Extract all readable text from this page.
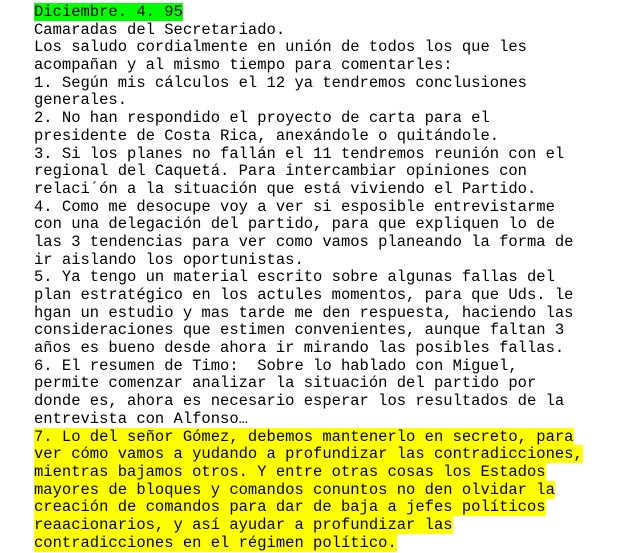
Diciembre. 4. 95
Camaradas del Secretariado.
Los saludo cordialmente en unión de todos los que les
acompañan y al mismo tiempo para comentarles:
1. Según mis cálculos el 12 ya tendremos conclusiones
generales.
2. No han respondido el proyecto de carta para el
presidente de Costa Rica, anexándole o quitándole.
3. Si los planes no fallán el 11 tendremos reunión con el
regional del Caquetá. Para intercambiar opiniones con
relaci´ón a la situación que está viviendo el Partido.
4. Como me desocupe voy a ver si esposible entrevistarme
con una delegación del partido, para que expliquen lo de
las 3 tendencias para ver como vamos planeando la forma de
ir aislando los oportunistas.
5. Ya tengo un material escrito sobre algunas fallas del
plan estratégico en los actules momentos, para que Uds. le
hgan un estudio y mas tarde me den respuesta, haciendo las
consideraciones que estimen convenientes, aunque faltan 3
años es bueno desde ahora ir mirando las posibles fallas.
6. El resumen de Timo:  Sobre lo hablado con Miguel,
permite comenzar analizar la situación del partido por
donde es, ahora es necesario esperar los resultados de la
entrevista con Alfonso…
7. Lo del señor Gómez, debemos mantenerlo en secreto, para
ver cómo vamos a yudando a profundizar las contradicciones,
mientras bajamos otros. Y entre otras cosas los Estados
mayores de bloques y comandos conuntos no den olvidar la
creación de comandos para dar de baja a jefes políticos
reaacionarios, y así ayudar a profundizar las
contradicciones en el régimen político.
